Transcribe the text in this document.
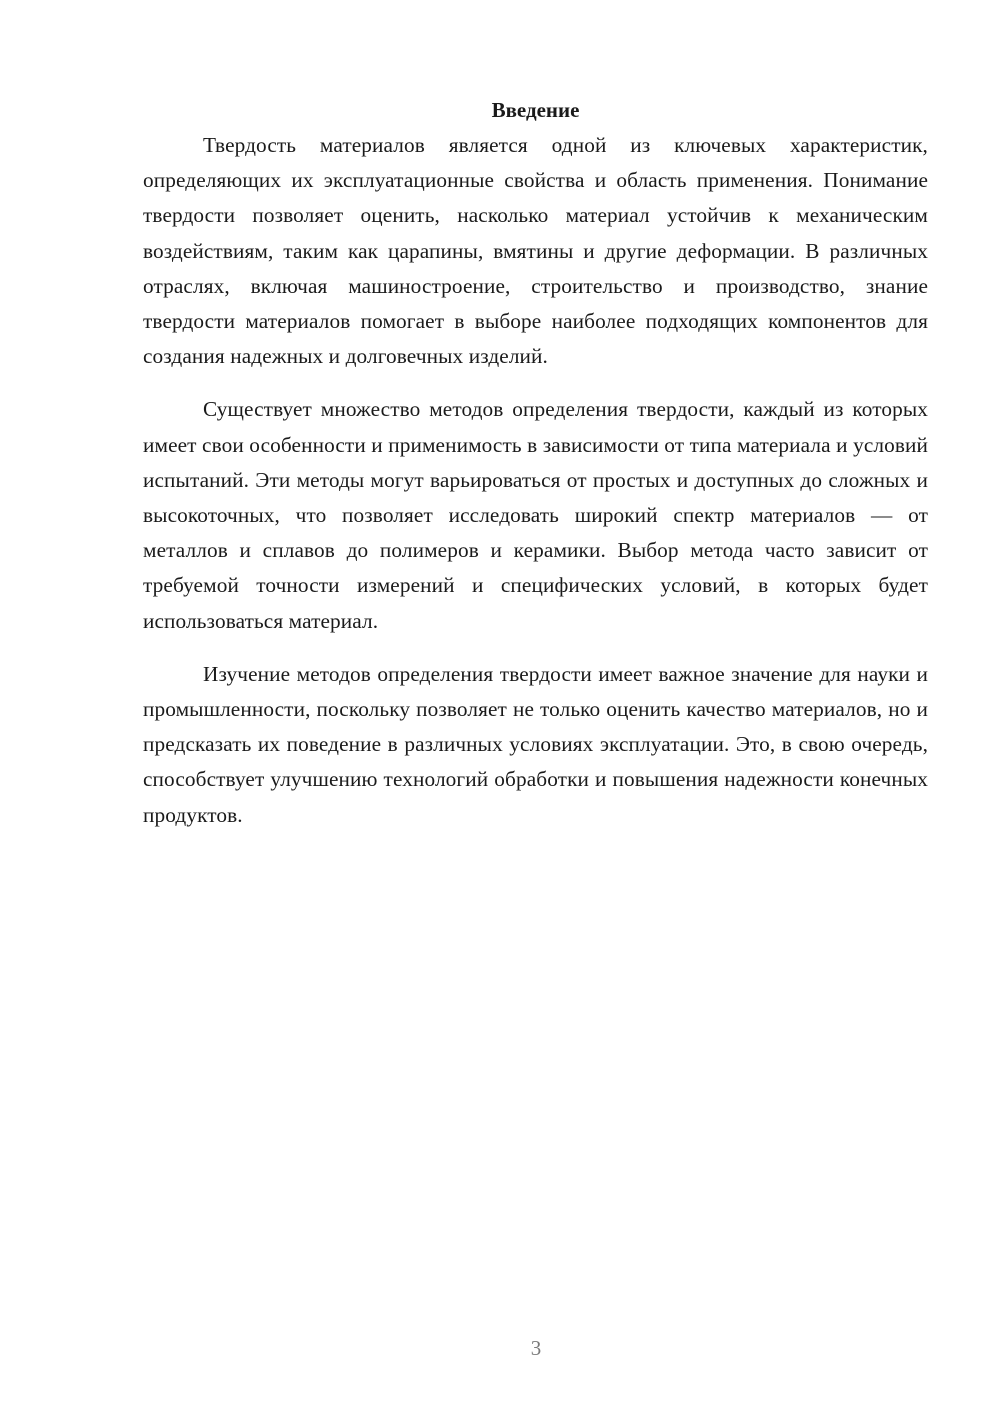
Введение

Твердость материалов является одной из ключевых характеристик, определяющих их эксплуатационные свойства и область применения. Понимание твердости позволяет оценить, насколько материал устойчив к механическим воздействиям, таким как царапины, вмятины и другие деформации. В различных отраслях, включая машиностроение, строительство и производство, знание твердости материалов помогает в выборе наиболее подходящих компонентов для создания надежных и долговечных изделий.

Существует множество методов определения твердости, каждый из которых имеет свои особенности и применимость в зависимости от типа материала и условий испытаний. Эти методы могут варьироваться от простых и доступных до сложных и высокоточных, что позволяет исследовать широкий спектр материалов — от металлов и сплавов до полимеров и керамики. Выбор метода часто зависит от требуемой точности измерений и специфических условий, в которых будет использоваться материал.

Изучение методов определения твердости имеет важное значение для науки и промышленности, поскольку позволяет не только оценить качество материалов, но и предсказать их поведение в различных условиях эксплуатации. Это, в свою очередь, способствует улучшению технологий обработки и повышения надежности конечных продуктов.

3
